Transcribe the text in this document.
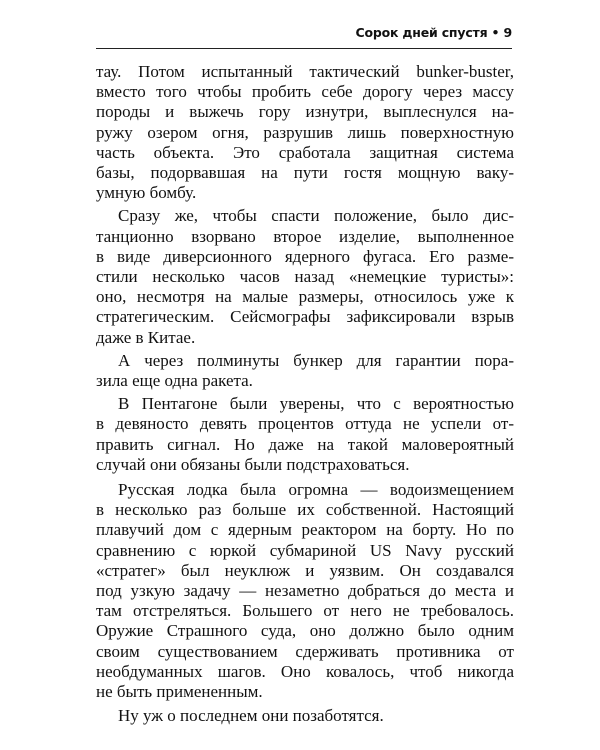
Сорок дней спустя • 9
тау. Потом испытанный тактический bunker-buster,
вместо того чтобы пробить себе дорогу через массу
породы и выжечь гору изнутри, выплеснулся на-
ружу озером огня, разрушив лишь поверхностную
часть объекта. Это сработала защитная система
базы, подорвавшая на пути гостя мощную ваку-
умную бомбу.
Сразу же, чтобы спасти положение, было дис-
танционно взорвано второе изделие, выполненное
в виде диверсионного ядерного фугаса. Его разме-
стили несколько часов назад «немецкие туристы»:
оно, несмотря на малые размеры, относилось уже к
стратегическим. Сейсмографы зафиксировали взрыв
даже в Китае.
А через полминуты бункер для гарантии пора-
зила еще одна ракета.
В Пентагоне были уверены, что с вероятностью
в девяносто девять процентов оттуда не успели от-
править сигнал. Но даже на такой маловероятный
случай они обязаны были подстраховаться.
Русская лодка была огромна — водоизмещением
в несколько раз больше их собственной. Настоящий
плавучий дом с ядерным реактором на борту. Но по
сравнению с юркой субмариной US Navy русский
«стратег» был неуклюж и уязвим. Он создавался
под узкую задачу — незаметно добраться до места и
там отстреляться. Большего от него не требовалось.
Оружие Страшного суда, оно должно было одним
своим существованием сдерживать противника от
необдуманных шагов. Оно ковалось, чтоб никогда
не быть примененным.
Ну уж о последнем они позаботятся.
